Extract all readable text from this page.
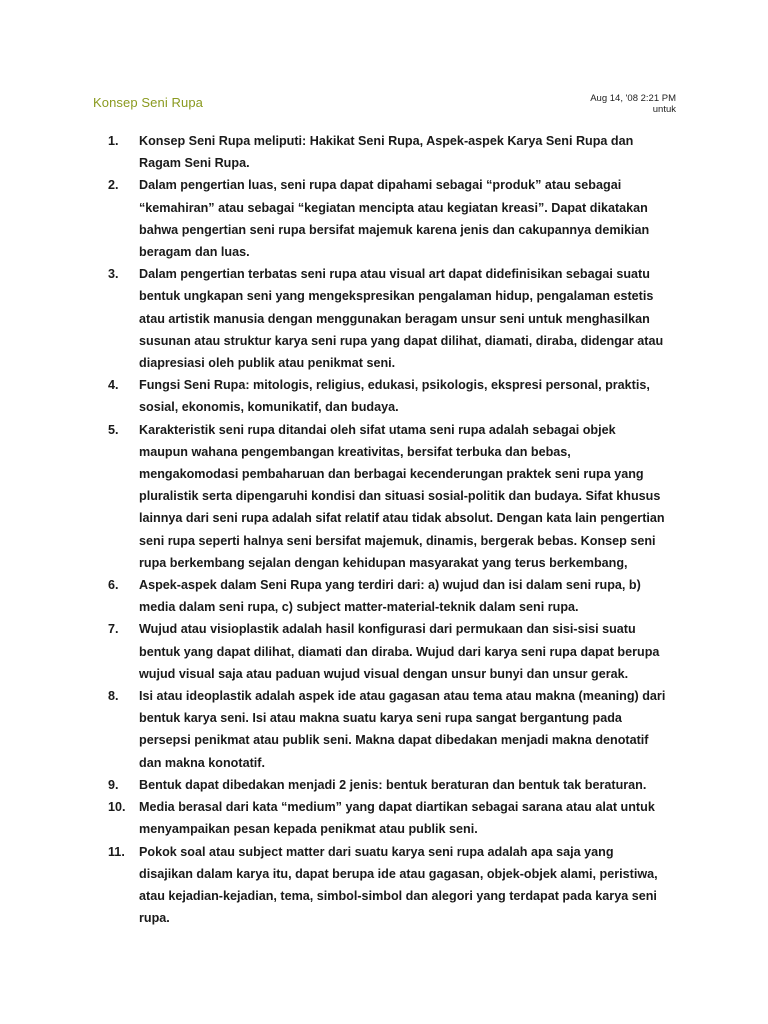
Konsep Seni Rupa	Aug 14, '08 2:21 PM
untuk
1.	Konsep Seni Rupa meliputi: Hakikat Seni Rupa, Aspek-aspek Karya Seni Rupa dan Ragam Seni Rupa.
2.	Dalam pengertian luas, seni rupa dapat dipahami sebagai “produk” atau sebagai “kemahiran” atau sebagai “kegiatan mencipta atau kegiatan kreasi”. Dapat dikatakan bahwa pengertian seni rupa bersifat majemuk karena jenis dan cakupannya demikian beragam dan luas.
3.	Dalam pengertian terbatas seni rupa atau visual art dapat didefinisikan sebagai suatu bentuk ungkapan seni yang mengekspresikan pengalaman hidup, pengalaman estetis atau artistik manusia dengan menggunakan beragam unsur seni untuk menghasilkan susunan atau struktur karya seni rupa yang dapat dilihat, diamati, diraba, didengar atau diapresiasi oleh publik atau penikmat seni.
4.	Fungsi Seni Rupa: mitologis, religius, edukasi, psikologis, ekspresi personal, praktis, sosial, ekonomis, komunikatif, dan budaya.
5.	Karakteristik seni rupa ditandai oleh sifat utama seni rupa adalah sebagai objek maupun wahana pengembangan kreativitas, bersifat terbuka dan bebas, mengakomodasi pembaharuan dan berbagai kecenderungan praktek seni rupa yang pluralistik serta dipengaruhi kondisi dan situasi sosial-politik dan budaya. Sifat khusus lainnya dari seni rupa adalah sifat relatif atau tidak absolut. Dengan kata lain pengertian seni rupa seperti halnya seni bersifat majemuk, dinamis, bergerak bebas. Konsep seni rupa berkembang sejalan dengan kehidupan masyarakat yang terus berkembang,
6.	Aspek-aspek dalam Seni Rupa yang terdiri dari: a) wujud dan isi dalam seni rupa, b) media dalam seni rupa, c) subject matter-material-teknik dalam seni rupa.
7.	Wujud atau visioplastik adalah hasil konfigurasi dari permukaan dan sisi-sisi suatu bentuk yang dapat dilihat, diamati dan diraba. Wujud dari karya seni rupa dapat berupa wujud visual saja atau paduan wujud visual dengan unsur bunyi dan unsur gerak.
8.	Isi atau ideoplastik adalah aspek ide atau gagasan atau tema atau makna (meaning) dari bentuk karya seni. Isi atau makna suatu karya seni rupa sangat bergantung pada persepsi penikmat atau publik seni. Makna dapat dibedakan menjadi makna denotatif dan makna konotatif.
9.	Bentuk dapat dibedakan menjadi 2 jenis: bentuk beraturan dan bentuk tak beraturan.
10.	Media berasal dari kata “medium” yang dapat diartikan sebagai sarana atau alat untuk menyampaikan pesan kepada penikmat atau publik seni.
11.	Pokok soal atau subject matter dari suatu karya seni rupa adalah apa saja yang disajikan dalam karya itu, dapat berupa ide atau gagasan, objek-objek alami, peristiwa, atau kejadian-kejadian, tema, simbol-simbol dan alegori yang terdapat pada karya seni rupa.
